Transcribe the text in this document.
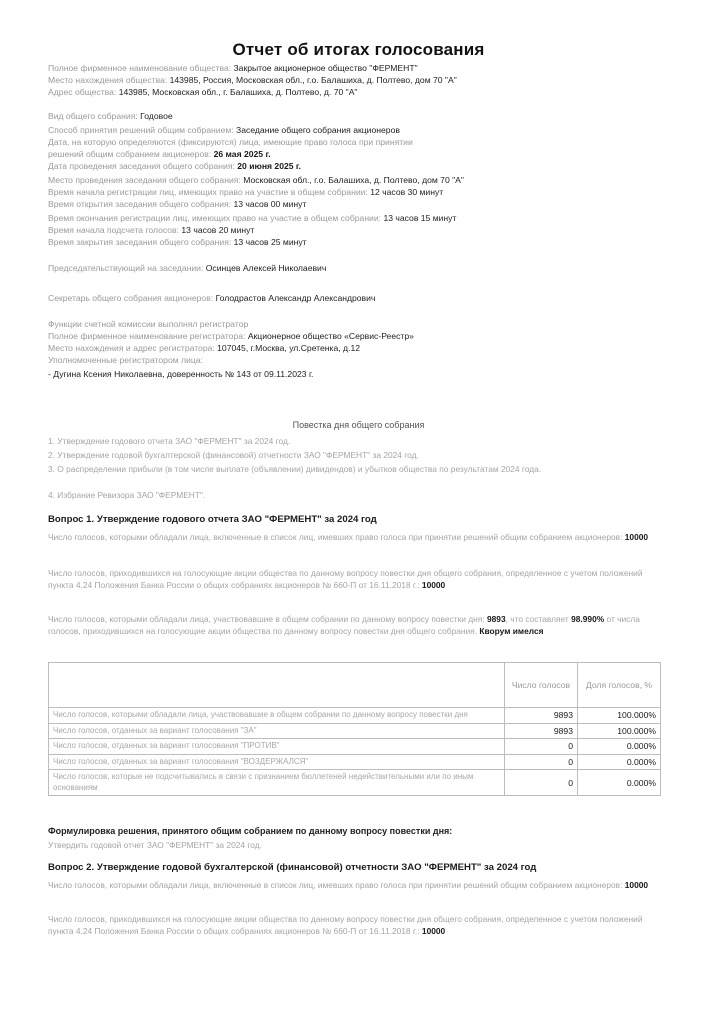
Отчет об итогах голосования
Полное фирменное наименование общества: Закрытое акционерное общество "ФЕРМЕНТ"
Место нахождения общества: 143985, Россия, Московская обл., г.о. Балашиха, д. Полтево, дом 70 "А"
Адрес общества: 143985, Московская обл., г. Балашиха, д. Полтево, д. 70 "А"
Вид общего собрания: Годовое
Способ принятия решений общим собранием: Заседание общего собрания акционеров
Дата, на которую определяются (фиксируются) лица, имеющие право голоса при принятии
решений общим собранием акционеров: 26 мая 2025 г.
Дата проведения заседания общего собрания: 20 июня 2025 г.
Место проведения заседания общего собрания: Московская обл., г.о. Балашиха, д. Полтево, дом 70 "А"
Время начала регистрации лиц, имеющих право на участие в общем собрании: 12 часов 30 минут
Время открытия заседания общего собрания: 13 часов 00 минут
Время окончания регистрации лиц, имеющих право на участие в общем собрании: 13 часов 15 минут
Время начала подсчета голосов: 13 часов 20 минут
Время закрытия заседания общего собрания: 13 часов 25 минут
Председательствующий на заседании: Осинцев Алексей Николаевич
Секретарь общего собрания акционеров: Голодрастов Александр Александрович
Функции счетной комиссии выполнял регистратор
Полное фирменное наименование регистратора: Акционерное общество «Сервис-Реестр»
Место нахождения и адрес регистратора: 107045, г.Москва, ул.Сретенка, д.12
Уполномоченные регистратором лица:
- Дугина Ксения Николаевна, доверенность № 143 от 09.11.2023 г.
Повестка дня общего собрания
1. Утверждение годового отчета ЗАО "ФЕРМЕНТ" за 2024 год.
2. Утверждение годовой бухгалтерской (финансовой) отчетности ЗАО "ФЕРМЕНТ" за 2024 год.
3. О распределении прибыли (в том числе выплате (объявлении) дивидендов) и убытков общества по результатам 2024 года.
4. Избрание Ревизора ЗАО "ФЕРМЕНТ".
Вопрос 1. Утверждение годового отчета ЗАО "ФЕРМЕНТ" за 2024 год
Число голосов, которыми обладали лица, включенные в список лиц, имевших право голоса при принятии решений общим собранием акционеров: 10000
Число голосов, приходившихся на голосующие акции общества по данному вопросу повестки дня общего собрания, определенное с учетом положений пункта 4.24 Положения Банка России о общих собраниях акционеров № 660-П от 16.11.2018 г.: 10000
Число голосов, которыми обладали лица, участвовавшие в общем собрании по данному вопросу повестки дня: 9893, что составляет 98.990% от числа голосов, приходившихся на голосующие акции общества по данному вопросу повестки дня общего собрания. Кворум имелся
	Число голосов	Доля голосов, %
Число голосов, которыми обладали лица, участвовавшие в общем собрании по данному вопросу повестки дня	9893	100.000%
Число голосов, отданных за вариант голосования "ЗА"	9893	100.000%
Число голосов, отданных за вариант голосования "ПРОТИВ"	0	0.000%
Число голосов, отданных за вариант голосования "ВОЗДЕРЖАЛСЯ"	0	0.000%
Число голосов, которые не подсчитывались в связи с признанием бюллетеней недействительными или по иным основаниям	0	0.000%
Формулировка решения, принятого общим собранием по данному вопросу повестки дня:
Утвердить годовой отчет ЗАО "ФЕРМЕНТ" за 2024 год.
Вопрос 2. Утверждение годовой бухгалтерской (финансовой) отчетности ЗАО "ФЕРМЕНТ" за 2024 год
Число голосов, которыми обладали лица, включенные в список лиц, имевших право голоса при принятии решений общим собранием акционеров: 10000
Число голосов, приходившихся на голосующие акции общества по данному вопросу повестки дня общего собрания, определенное с учетом положений пункта 4.24 Положения Банка России о общих собраниях акционеров № 660-П от 16.11.2018 г.: 10000
